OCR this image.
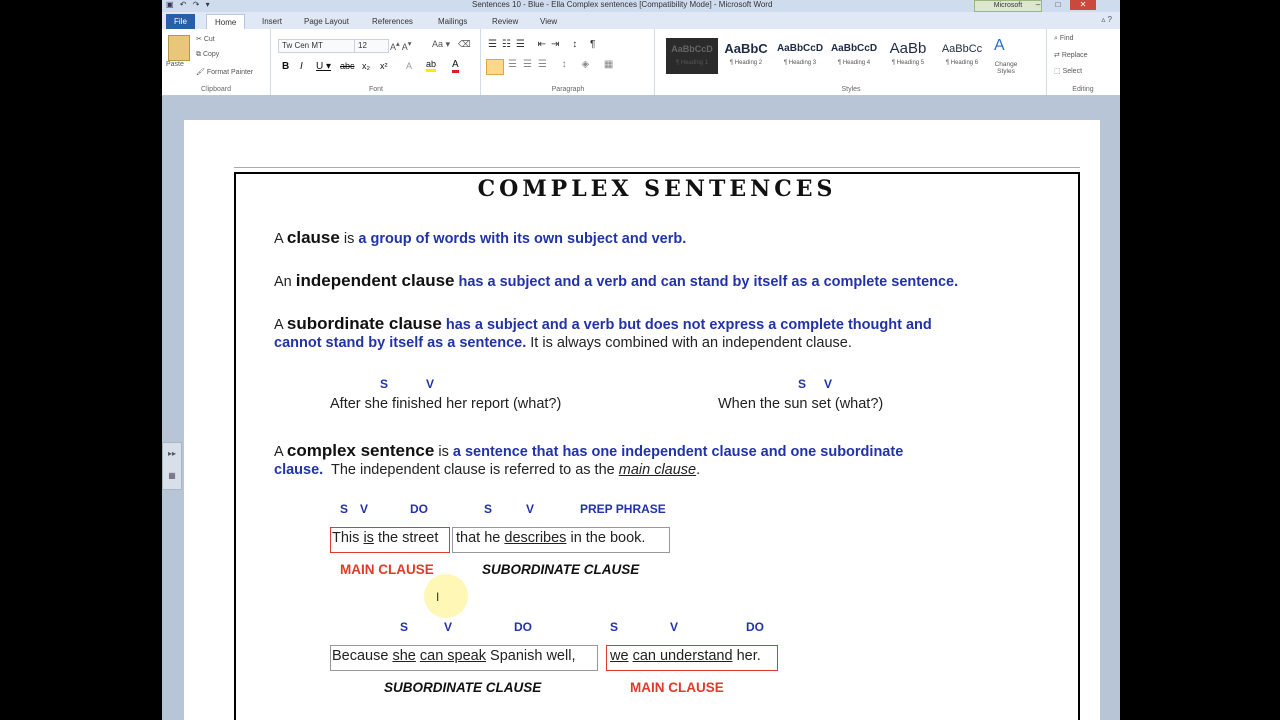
▣ ↶ ↷ ▾	Sentences 10 - Blue - Ella Complex sentences [Compatibility Mode] - Microsoft Word	Microsoft	–	□	✕
File	Home	Insert	Page Layout	References	Mailings	Review	View	▵ ?
Paste
✂ Cut
⧉ Copy
🖌 Format Painter
Clipboard
Tw Cen MT	12	A▴ A▾ Aa ▾ ⌫
B I U ▾ abc x₂ x² A ab A
Font
☰☷☰ ⇤⇥ ↕ ¶
☰☰☰ ↕ ◈ ▦
Paragraph
AaBbCcD
¶ Heading 1
AaBbC
¶ Heading 2
AaBbCcD
¶ Heading 3
AaBbCcD
¶ Heading 4
AaBb
¶ Heading 5
AaBbCc
¶ Heading 6
A
Change Styles
Styles
⌕ Find
⇄ Replace
⬚ Select
Editing
▸▸
▦
COMPLEX SENTENCES
A clause is a group of words with its own subject and verb.
An independent clause has a subject and a verb and can stand by itself as a complete sentence.
A subordinate clause has a subject and a verb but does not express a complete thought and
cannot stand by itself as a sentence. It is always combined with an independent clause.
S	V
After she finished her report (what?)
S V
When the sun set (what?)
A complex sentence is a sentence that has one independent clause and one subordinate
clause. The independent clause is referred to as the main clause.
S V	DO	S	V	PREP PHRASE
This is the street that he describes in the book.
MAIN CLAUSE	SUBORDINATE CLAUSE
S	V	DO	S	V	DO
Because she can speak Spanish well, we can understand her.
SUBORDINATE CLAUSE	MAIN CLAUSE
I
